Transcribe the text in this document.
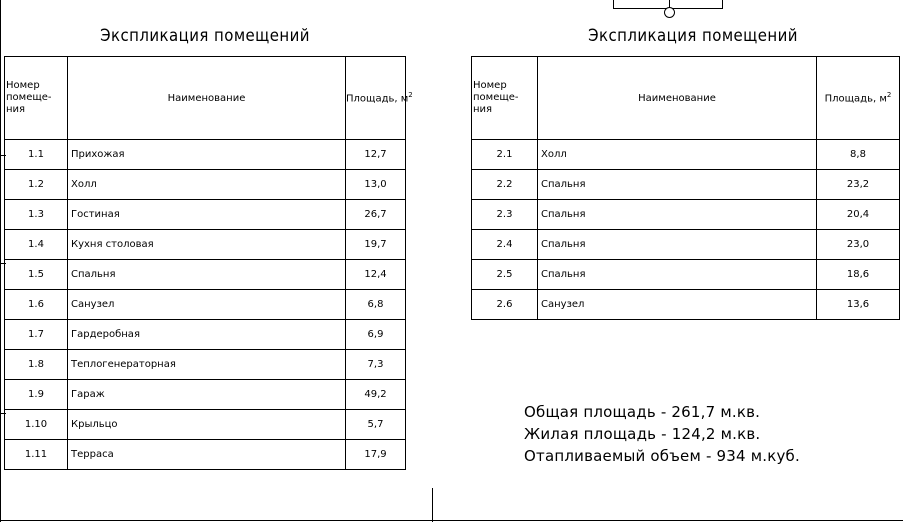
Экспликация помещений
Номер помеще-ния	Наименование	Площадь, $м^2$
1.1	Прихожая	12,7
1.2	Холл	13,0
1.3	Гостиная	26,7
1.4	Кухня столовая	19,7
1.5	Спальня	12,4
1.6	Санузел	6,8
1.7	Гардеробная	6,9
1.8	Теплогенераторная	7,3
1.9	Гараж	49,2
1.10	Крыльцо	5,7
1.11	Терраса	17,9
Экспликация помещений
Номер помеще-ния	Наименование	Площадь, $м^2$
2.1	Холл	8,8
2.2	Спальня	23,2
2.3	Спальня	20,4
2.4	Спальня	23,0
2.5	Спальня	18,6
2.6	Санузел	13,6
Общая площадь - 261,7 м.кв.
Жилая площадь - 124,2 м.кв.
Отапливаемый объем - 934 м.куб.
